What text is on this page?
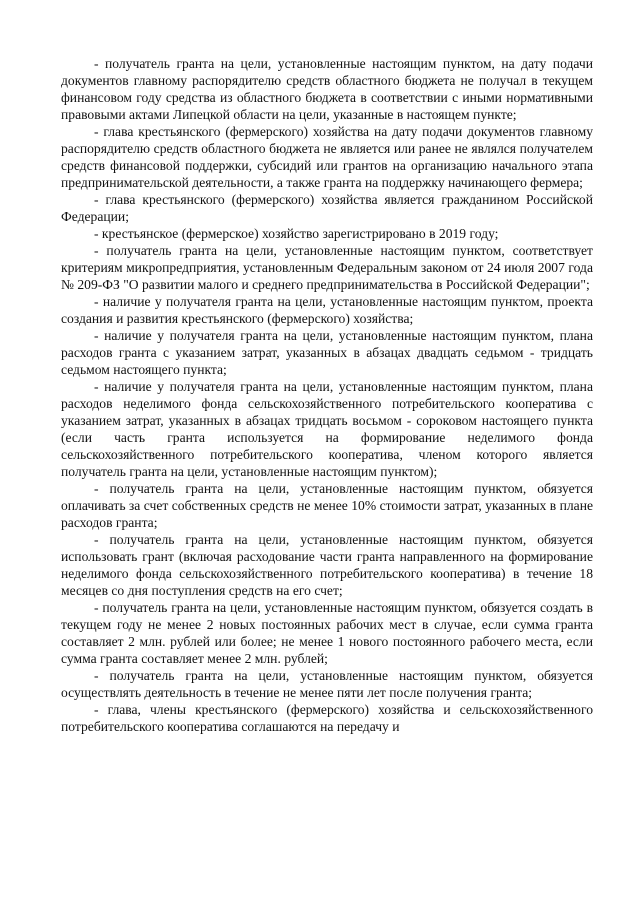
- получатель гранта на цели, установленные настоящим пунктом, на дату подачи документов главному распорядителю средств областного бюджета не получал в текущем финансовом году средства из областного бюджета в соответствии с иными нормативными правовыми актами Липецкой области на цели, указанные в настоящем пункте;

- глава крестьянского (фермерского) хозяйства на дату подачи документов главному распорядителю средств областного бюджета не является или ранее не являлся получателем средств финансовой поддержки, субсидий или грантов на организацию начального этапа предпринимательской деятельности, а также гранта на поддержку начинающего фермера;

- глава крестьянского (фермерского) хозяйства является гражданином Российской Федерации;

- крестьянское (фермерское) хозяйство зарегистрировано в 2019 году;

- получатель гранта на цели, установленные настоящим пунктом, соответствует критериям микропредприятия, установленным Федеральным законом от 24 июля 2007 года № 209-ФЗ "О развитии малого и среднего предпринимательства в Российской Федерации";

- наличие у получателя гранта на цели, установленные настоящим пунктом, проекта создания и развития крестьянского (фермерского) хозяйства;

- наличие у получателя гранта на цели, установленные настоящим пунктом, плана расходов гранта с указанием затрат, указанных в абзацах двадцать седьмом - тридцать седьмом настоящего пункта;

- наличие у получателя гранта на цели, установленные настоящим пунктом, плана расходов неделимого фонда сельскохозяйственного потребительского кооператива с указанием затрат, указанных в абзацах тридцать восьмом - сороковом настоящего пункта (если часть гранта используется на формирование неделимого фонда сельскохозяйственного потребительского кооператива, членом которого является получатель гранта на цели, установленные настоящим пунктом);

- получатель гранта на цели, установленные настоящим пунктом, обязуется оплачивать за счет собственных средств не менее 10% стоимости затрат, указанных в плане расходов гранта;

- получатель гранта на цели, установленные настоящим пунктом, обязуется использовать грант (включая расходование части гранта направленного на формирование неделимого фонда сельскохозяйственного потребительского кооператива) в течение 18 месяцев со дня поступления средств на его счет;

- получатель гранта на цели, установленные настоящим пунктом, обязуется создать в текущем году не менее 2 новых постоянных рабочих мест в случае, если сумма гранта составляет 2 млн. рублей или более; не менее 1 нового постоянного рабочего места, если сумма гранта составляет менее 2 млн. рублей;

- получатель гранта на цели, установленные настоящим пунктом, обязуется осуществлять деятельность в течение не менее пяти лет после получения гранта;

- глава, члены крестьянского (фермерского) хозяйства и сельскохозяйственного потребительского кооператива соглашаются на передачу и
